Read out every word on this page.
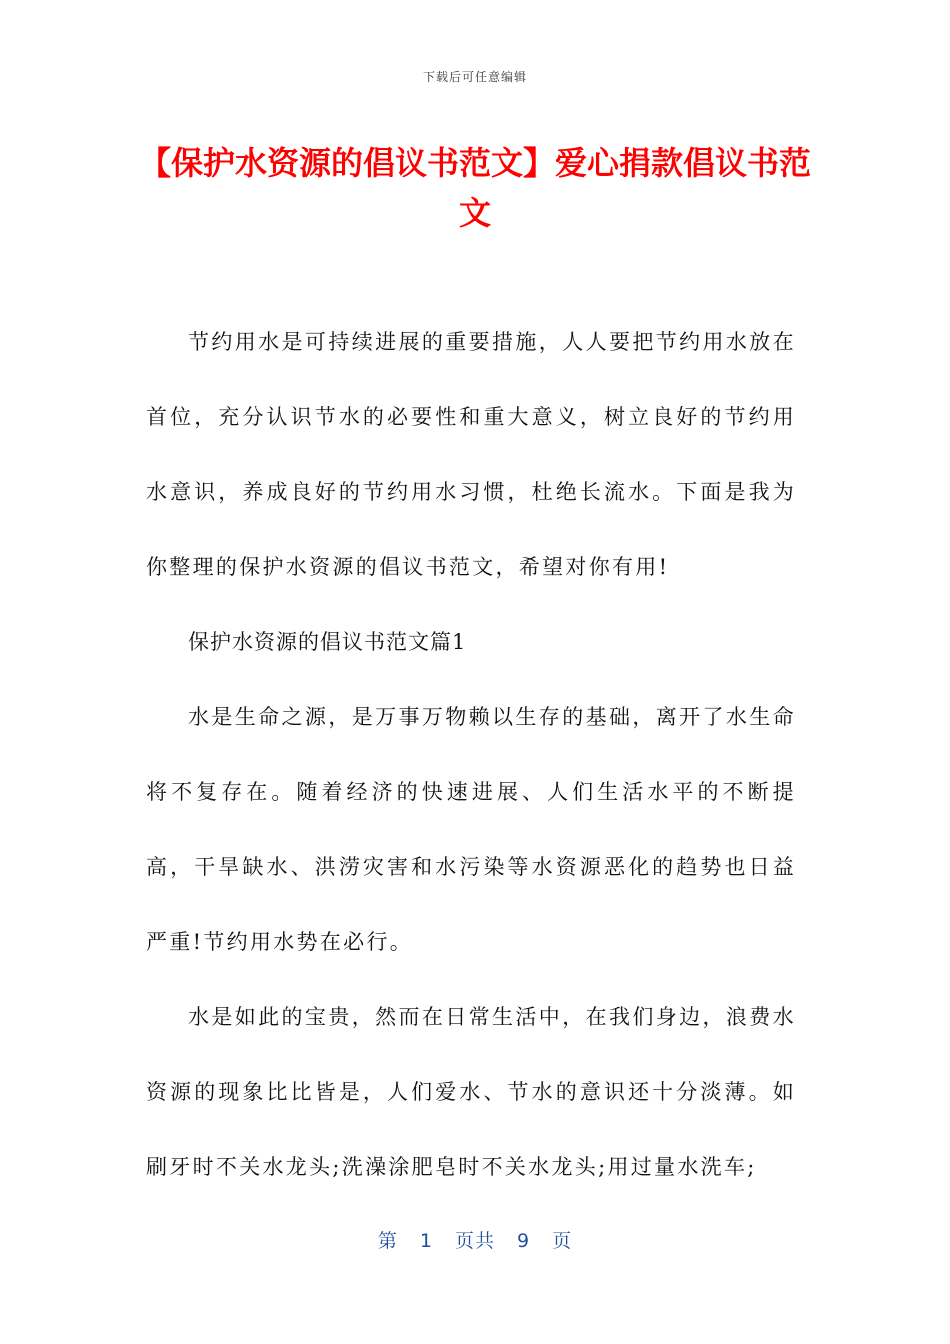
下载后可任意编辑
【保护水资源的倡议书范文】爱心捐款倡议书范文

节约用水是可持续进展的重要措施，人人要把节约用水放在首位，充分认识节水的必要性和重大意义，树立良好的节约用水意识，养成良好的节约用水习惯，杜绝长流水。下面是我为你整理的保护水资源的倡议书范文，希望对你有用!

保护水资源的倡议书范文篇1

水是生命之源，是万事万物赖以生存的基础，离开了水生命将不复存在。随着经济的快速进展、人们生活水平的不断提高，干旱缺水、洪涝灾害和水污染等水资源恶化的趋势也日益严重!节约用水势在必行。

水是如此的宝贵，然而在日常生活中，在我们身边，浪费水资源的现象比比皆是，人们爱水、节水的意识还十分淡薄。如刷牙时不关水龙头;洗澡涂肥皂时不关水龙头;用过量水洗车;

第 1 页共 9 页
